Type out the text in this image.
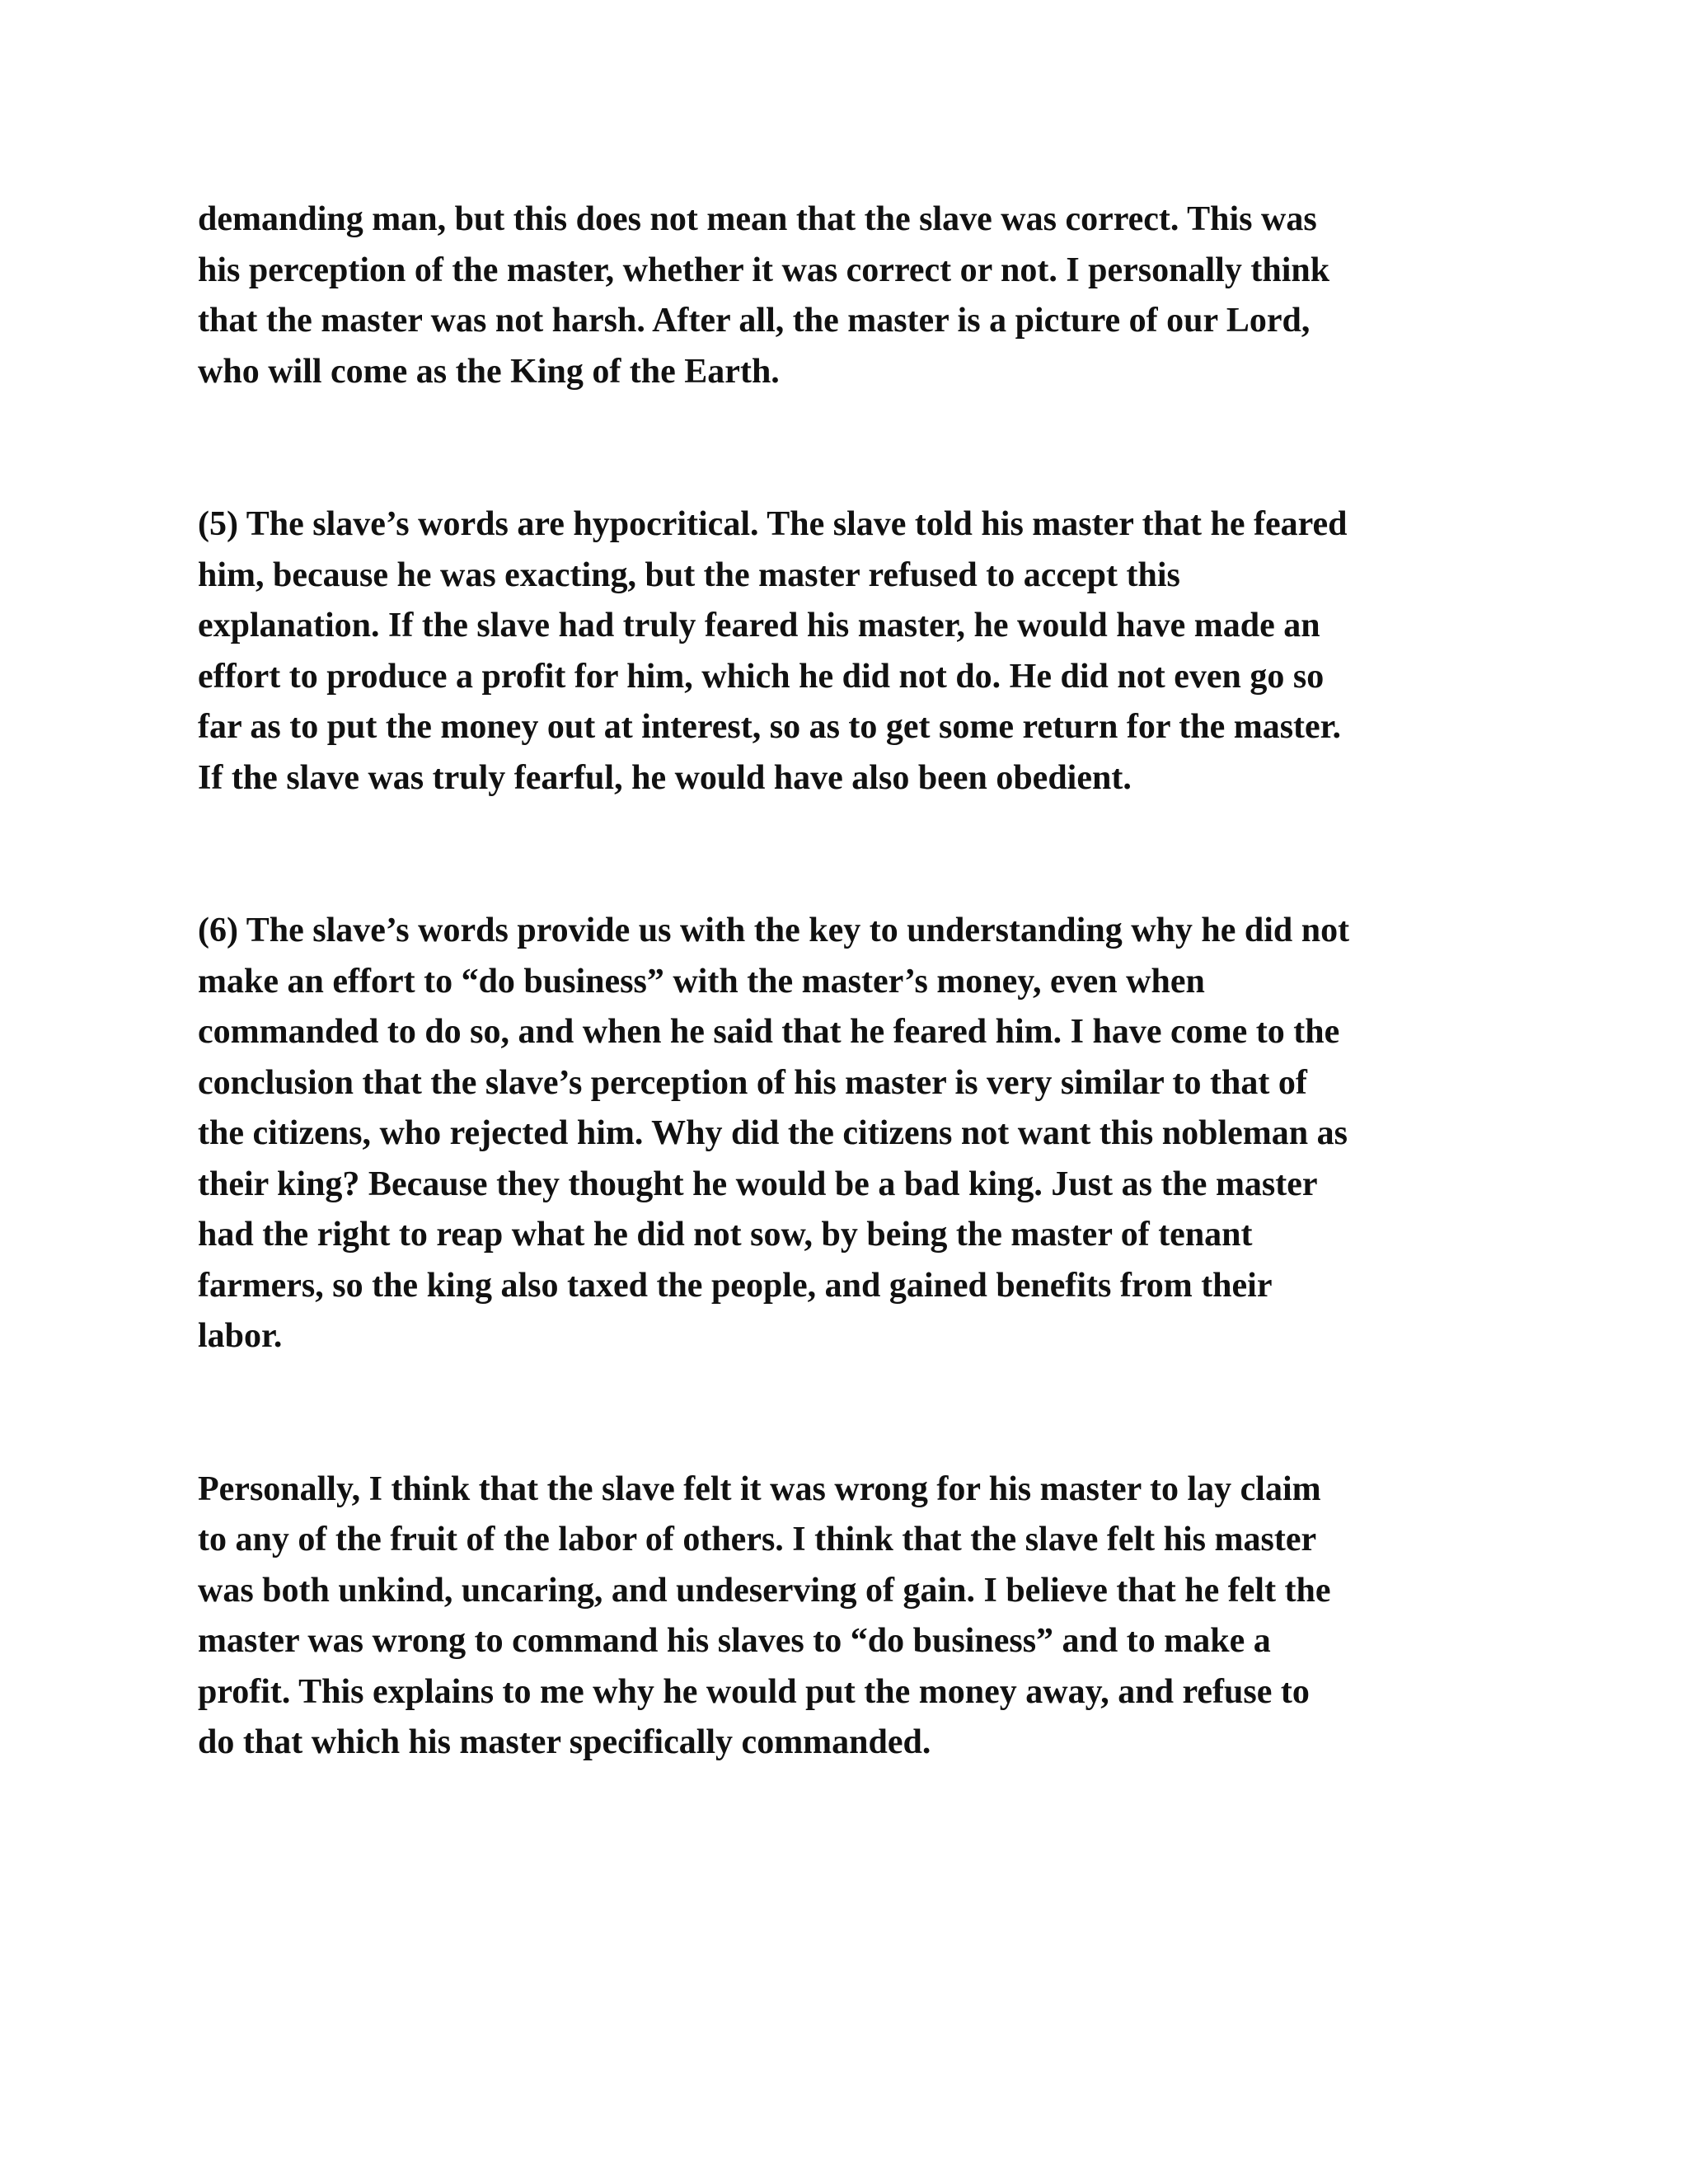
demanding man, but this does not mean that the slave was correct. This was
his perception of the master, whether it was correct or not. I personally think
that the master was not harsh. After all, the master is a picture of our Lord,
who will come as the King of the Earth.

(5) The slave’s words are hypocritical. The slave told his master that he feared
him, because he was exacting, but the master refused to accept this
explanation. If the slave had truly feared his master, he would have made an
effort to produce a profit for him, which he did not do. He did not even go so
far as to put the money out at interest, so as to get some return for the master.
If the slave was truly fearful, he would have also been obedient.

(6) The slave’s words provide us with the key to understanding why he did not
make an effort to “do business” with the master’s money, even when
commanded to do so, and when he said that he feared him. I have come to the
conclusion that the slave’s perception of his master is very similar to that of
the citizens, who rejected him. Why did the citizens not want this nobleman as
their king? Because they thought he would be a bad king. Just as the master
had the right to reap what he did not sow, by being the master of tenant
farmers, so the king also taxed the people, and gained benefits from their
labor.

Personally, I think that the slave felt it was wrong for his master to lay claim
to any of the fruit of the labor of others. I think that the slave felt his master
was both unkind, uncaring, and undeserving of gain. I believe that he felt the
master was wrong to command his slaves to “do business” and to make a
profit. This explains to me why he would put the money away, and refuse to
do that which his master specifically commanded.
